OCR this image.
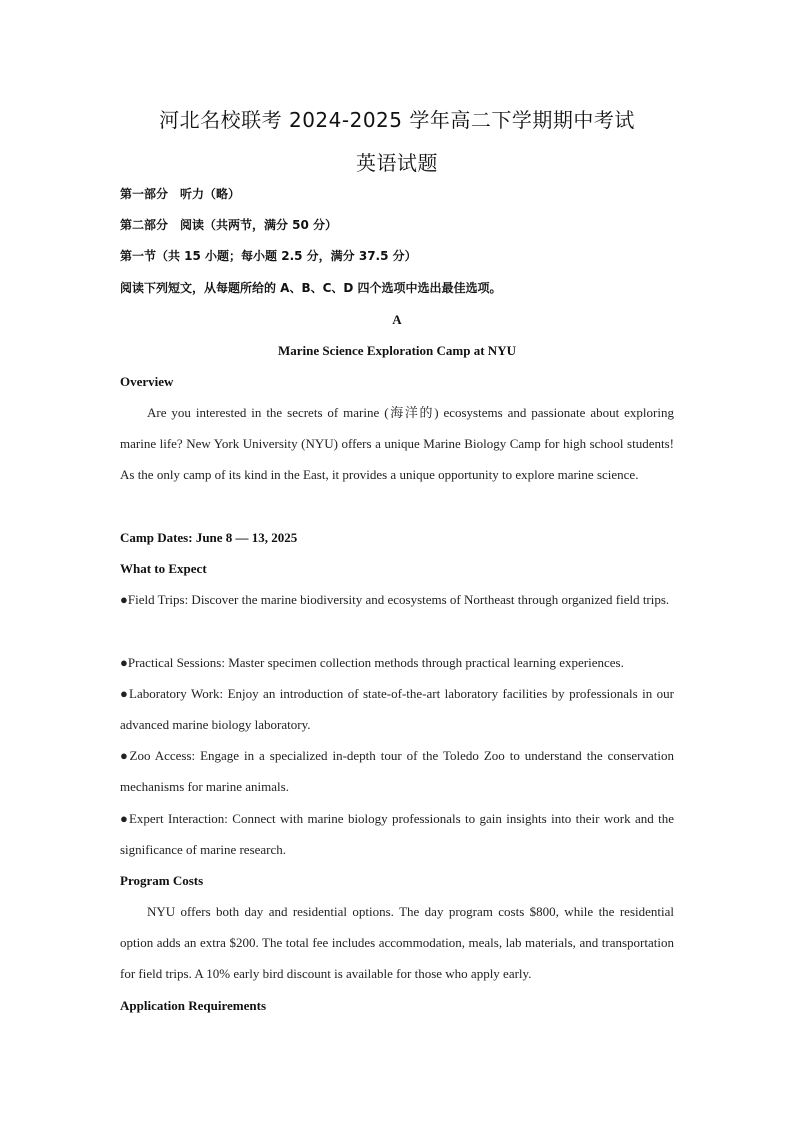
河北名校联考 2024-2025 学年高二下学期期中考试
英语试题
第一部分　听力（略）
第二部分　阅读（共两节，满分 50 分）
第一节（共 15 小题；每小题 2.5 分，满分 37.5 分）
阅读下列短文，从每题所给的 A、B、C、D 四个选项中选出最佳选项。
A
Marine Science Exploration Camp at NYU
Overview
Are you interested in the secrets of marine (海洋的) ecosystems and passionate about exploring marine life? New York University (NYU) offers a unique Marine Biology Camp for high school students! As the only camp of its kind in the East, it provides a unique opportunity to explore marine science.
Camp Dates: June 8 — 13, 2025
What to Expect
●Field Trips: Discover the marine biodiversity and ecosystems of Northeast through organized field trips.
●Practical Sessions: Master specimen collection methods through practical learning experiences.
●Laboratory Work: Enjoy an introduction of state-of-the-art laboratory facilities by professionals in our advanced marine biology laboratory.
●Zoo Access: Engage in a specialized in-depth tour of the Toledo Zoo to understand the conservation mechanisms for marine animals.
●Expert Interaction: Connect with marine biology professionals to gain insights into their work and the significance of marine research.
Program Costs
NYU offers both day and residential options. The day program costs $800, while the residential option adds an extra $200. The total fee includes accommodation, meals, lab materials, and transportation for field trips. A 10% early bird discount is available for those who apply early.
Application Requirements
